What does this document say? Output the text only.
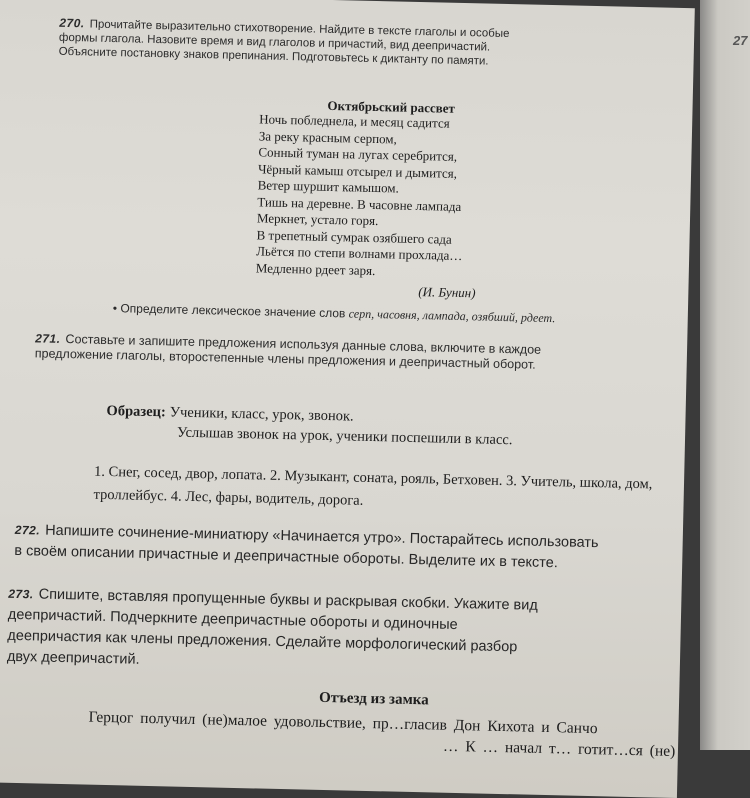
27
270. Прочитайте выразительно стихотворение. Найдите в тексте глаголы и особые формы глагола. Назовите время и вид глаголов и причастий, вид деепричастий. Объясните постановку знаков препинания. Подготовьтесь к диктанту по памяти.
Октябрьский рассвет
Ночь побледнела, и месяц садится
За реку красным серпом,
Сонный туман на лугах серебрится,
Чёрный камыш отсырел и дымится,
Ветер шуршит камышом.
Тишь на деревне. В часовне лампада
Меркнет, устало горя.
В трепетный сумрак озябшего сада
Льётся по степи волнами прохлада…
Медленно рдеет заря.
(И. Бунин)
• Определите лексическое значение слов серп, часовня, лампада, озябший, рдеет.
271. Составьте и запишите предложения используя данные слова, включите в каждое предложение глаголы, второстепенные члены предложения и деепричастный оборот.
Образец: Ученики, класс, урок, звонок.
Услышав звонок на урок, ученики поспешили в класс.
1. Снег, сосед, двор, лопата. 2. Музыкант, соната, рояль, Бетховен. 3. Учитель, школа, дом, троллейбус. 4. Лес, фары, водитель, дорога.
272. Напишите сочинение-миниатюру «Начинается утро». Постарайтесь использовать в своём описании причастные и деепричастные обороты. Выделите их в тексте.
273. Спишите, вставляя пропущенные буквы и раскрывая скобки. Укажите вид деепричастий. Подчеркните деепричастные обороты и одиночные деепричастия как члены предложения. Сделайте морфологический разбор двух деепричастий.
Отъезд из замка
Герцог получил (не)малое удовольствие, пр…гласив Дон Кихота и Санчо
… К … начал т… готит…ся (не)
